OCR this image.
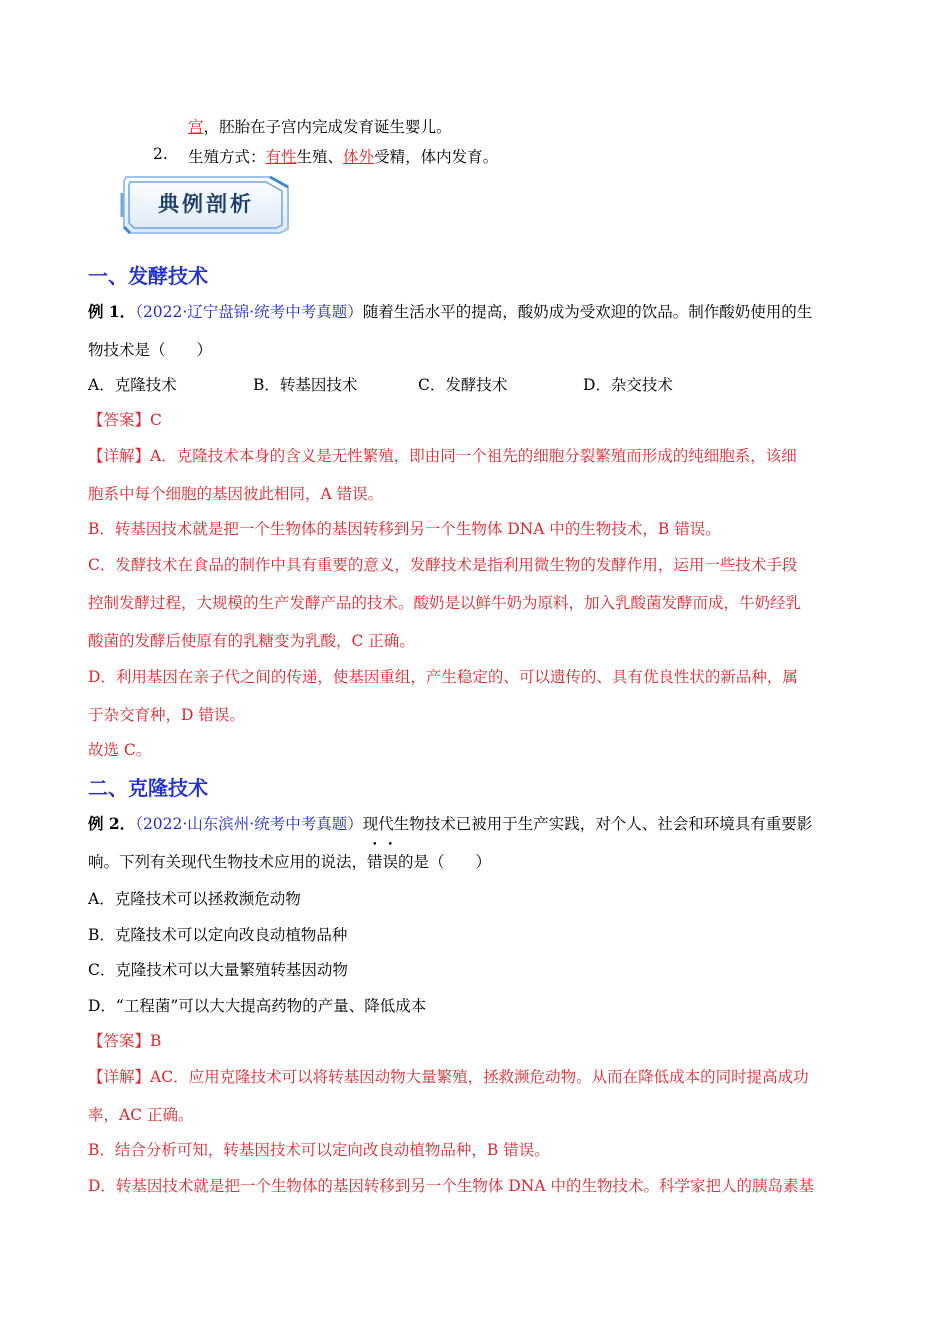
宫，胚胎在子宫内完成发育诞生婴儿。
2. 生殖方式：有性生殖、体外受精，体内发育。
典例剖析
一、发酵技术
例 1．（2022·辽宁盘锦·统考中考真题）随着生活水平的提高，酸奶成为受欢迎的饮品。制作酸奶使用的生
物技术是（　　）
A．克隆技术	B．转基因技术	C．发酵技术	D．杂交技术
【答案】C
【详解】A．克隆技术本身的含义是无性繁殖，即由同一个祖先的细胞分裂繁殖而形成的纯细胞系，该细
胞系中每个细胞的基因彼此相同，A 错误。
B．转基因技术就是把一个生物体的基因转移到另一个生物体 DNA 中的生物技术，B 错误。
C．发酵技术在食品的制作中具有重要的意义，发酵技术是指利用微生物的发酵作用，运用一些技术手段
控制发酵过程，大规模的生产发酵产品的技术。酸奶是以鲜牛奶为原料，加入乳酸菌发酵而成，牛奶经乳
酸菌的发酵后使原有的乳糖变为乳酸，C 正确。
D．利用基因在亲子代之间的传递，使基因重组，产生稳定的、可以遗传的、具有优良性状的新品种，属
于杂交育种，D 错误。
故选 C。
二、克隆技术
例 2．（2022·山东滨州·统考中考真题）现代生物技术已被用于生产实践，对个人、社会和环境具有重要影
响。下列有关现代生物技术应用的说法，错误的是（　　）
A．克隆技术可以拯救濒危动物
B．克隆技术可以定向改良动植物品种
C．克隆技术可以大量繁殖转基因动物
D．“工程菌”可以大大提高药物的产量、降低成本
【答案】B
【详解】AC．应用克隆技术可以将转基因动物大量繁殖，拯救濒危动物。从而在降低成本的同时提高成功
率，AC 正确。
B．结合分析可知，转基因技术可以定向改良动植物品种，B 错误。
D．转基因技术就是把一个生物体的基因转移到另一个生物体 DNA 中的生物技术。科学家把人的胰岛素基
